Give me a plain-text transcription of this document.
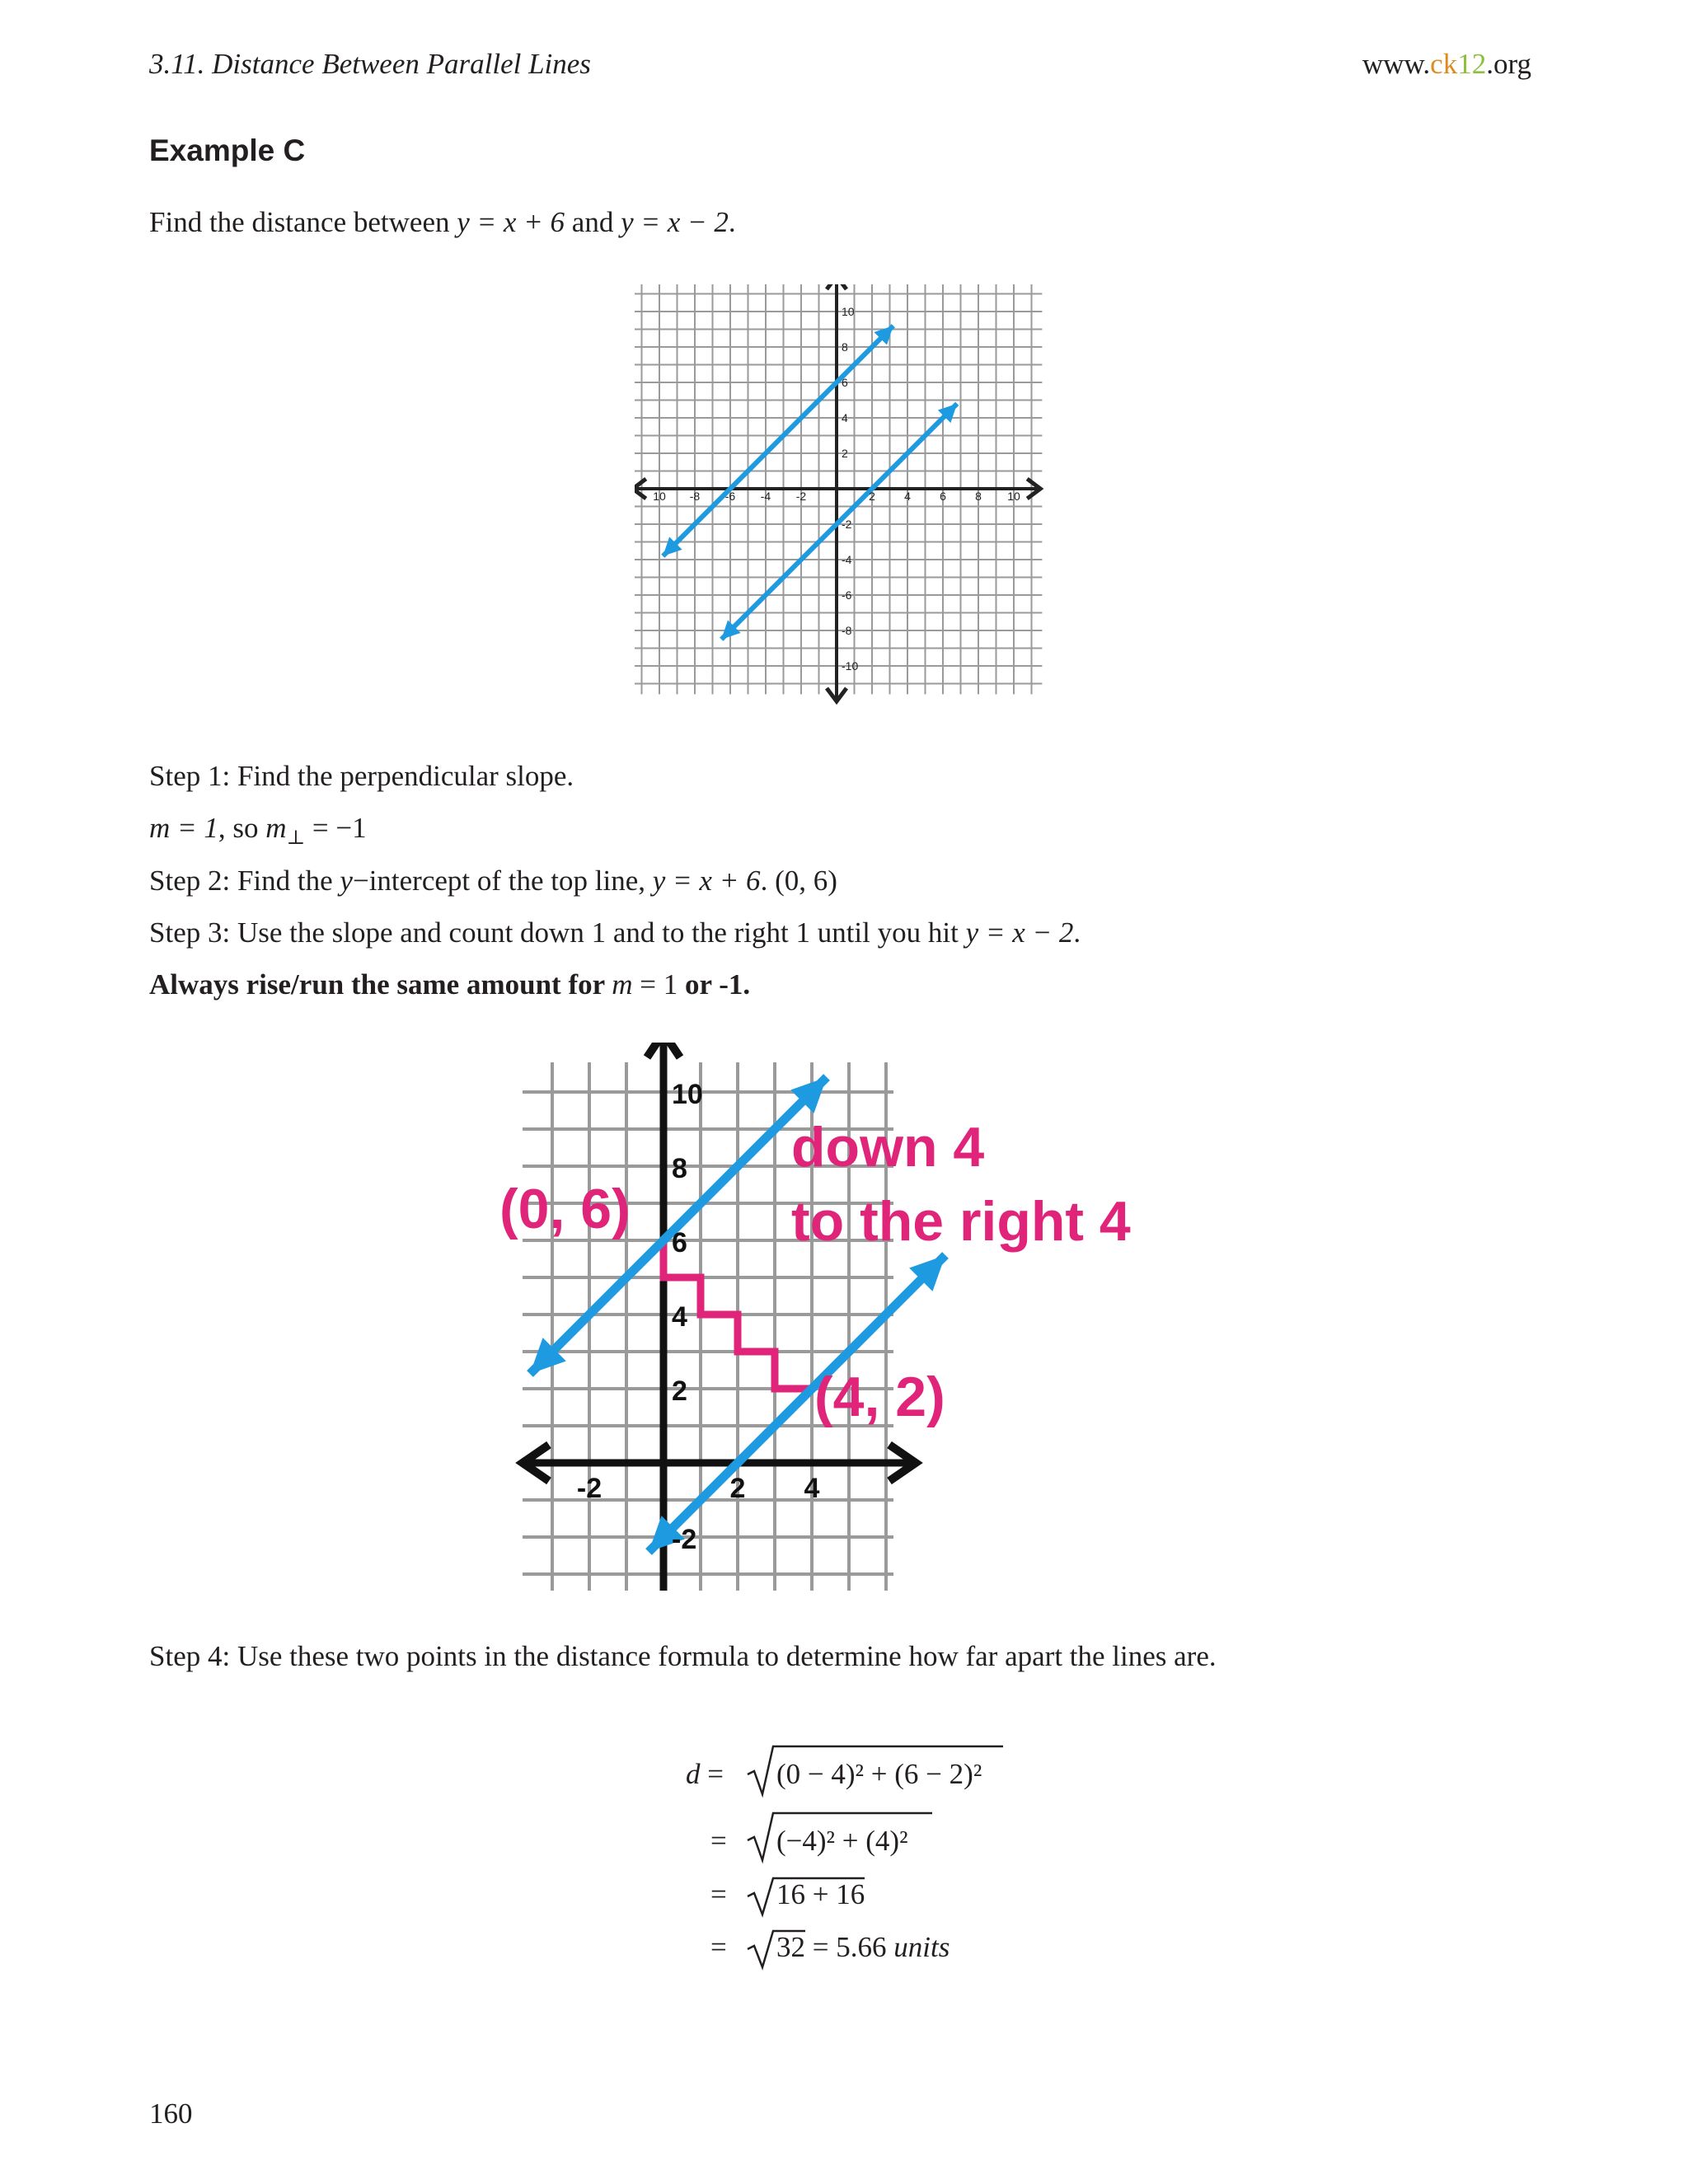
3.11. Distance Between Parallel Lines	www.ck12.org
Example C
Find the distance between y = x + 6 and y = x − 2.
10 -8 -6 -4 -2	2	4	6	8 10
10
8
6
4
2
-2
-4
-6
-8
-10
Step 1: Find the perpendicular slope.
m = 1, so $m_\perp = -1$
Step 2: Find the y−intercept of the top line, y = x + 6. (0, 6)
Step 3: Use the slope and count down 1 and to the right 1 until you hit y = x − 2.
Always rise/run the same amount for m = 1 or -1.
-2	2 4
10
8
6
4
2
-2
(0, 6)
down 4
to the right 4
(4, 2)
Step 4: Use these two points in the distance formula to determine how far apart the lines are.
d =
=
=
=
(0 − 4)² + (6 − 2)²
(−4)² + (4)²
16 + 16
32 = 5.66 units
160
